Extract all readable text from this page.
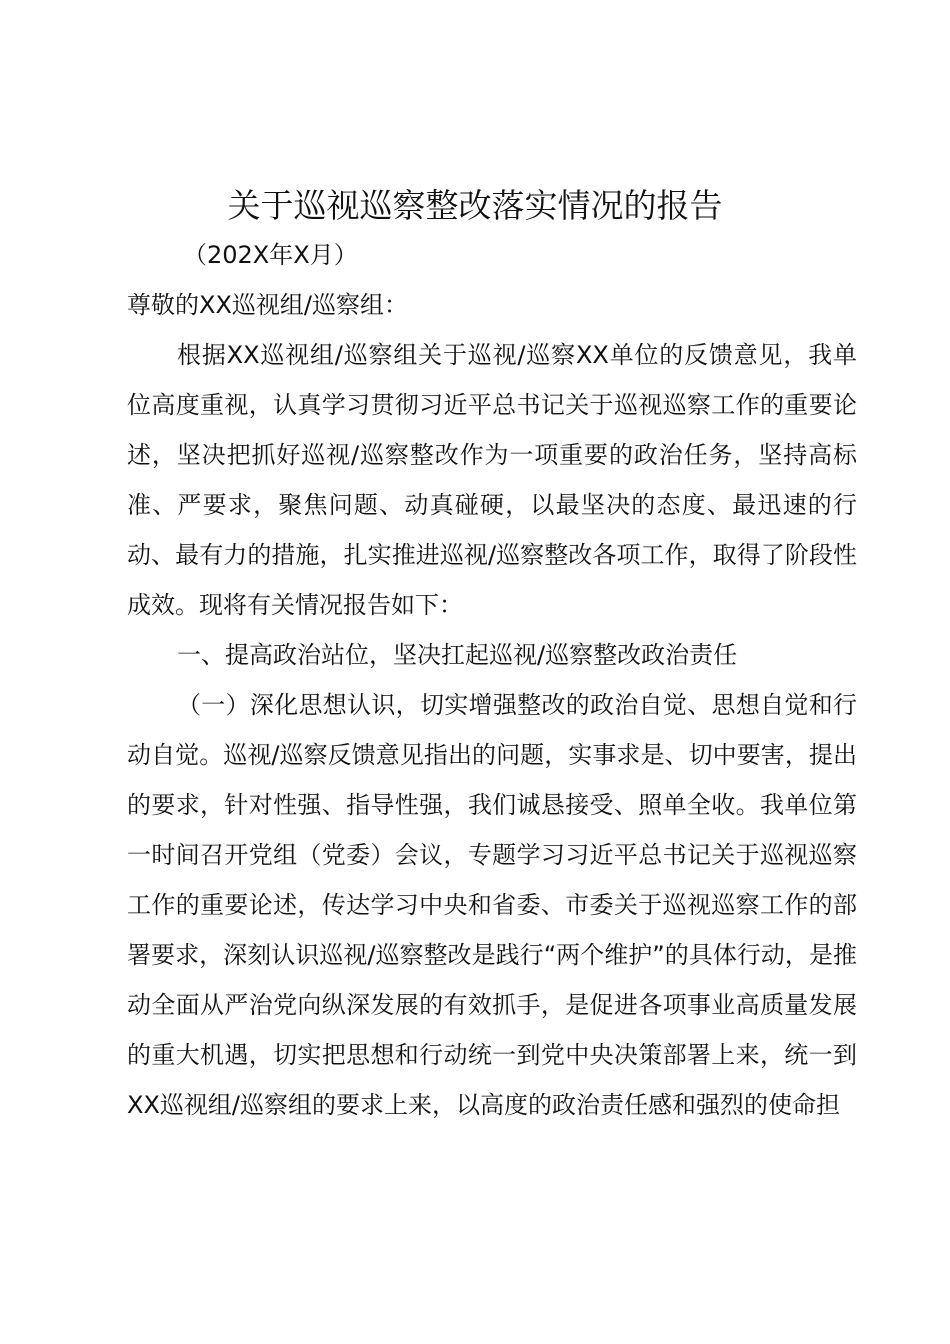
关于巡视巡察整改落实情况的报告
（202X年X月）

尊敬的XX巡视组/巡察组：

根据XX巡视组/巡察组关于巡视/巡察XX单位的反馈意见，我单位高度重视，认真学习贯彻习近平总书记关于巡视巡察工作的重要论述，坚决把抓好巡视/巡察整改作为一项重要的政治任务，坚持高标准、严要求，聚焦问题、动真碰硬，以最坚决的态度、最迅速的行动、最有力的措施，扎实推进巡视/巡察整改各项工作，取得了阶段性成效。现将有关情况报告如下：

一、提高政治站位，坚决扛起巡视/巡察整改政治责任

（一）深化思想认识，切实增强整改的政治自觉、思想自觉和行动自觉。巡视/巡察反馈意见指出的问题，实事求是、切中要害，提出的要求，针对性强、指导性强，我们诚恳接受、照单全收。我单位第一时间召开党组（党委）会议，专题学习习近平总书记关于巡视巡察工作的重要论述，传达学习中央和省委、市委关于巡视巡察工作的部署要求，深刻认识巡视/巡察整改是践行“两个维护”的具体行动，是推动全面从严治党向纵深发展的有效抓手，是促进各项事业高质量发展的重大机遇，切实把思想和行动统一到党中央决策部署上来，统一到XX巡视组/巡察组的要求上来，以高度的政治责任感和强烈的使命担
